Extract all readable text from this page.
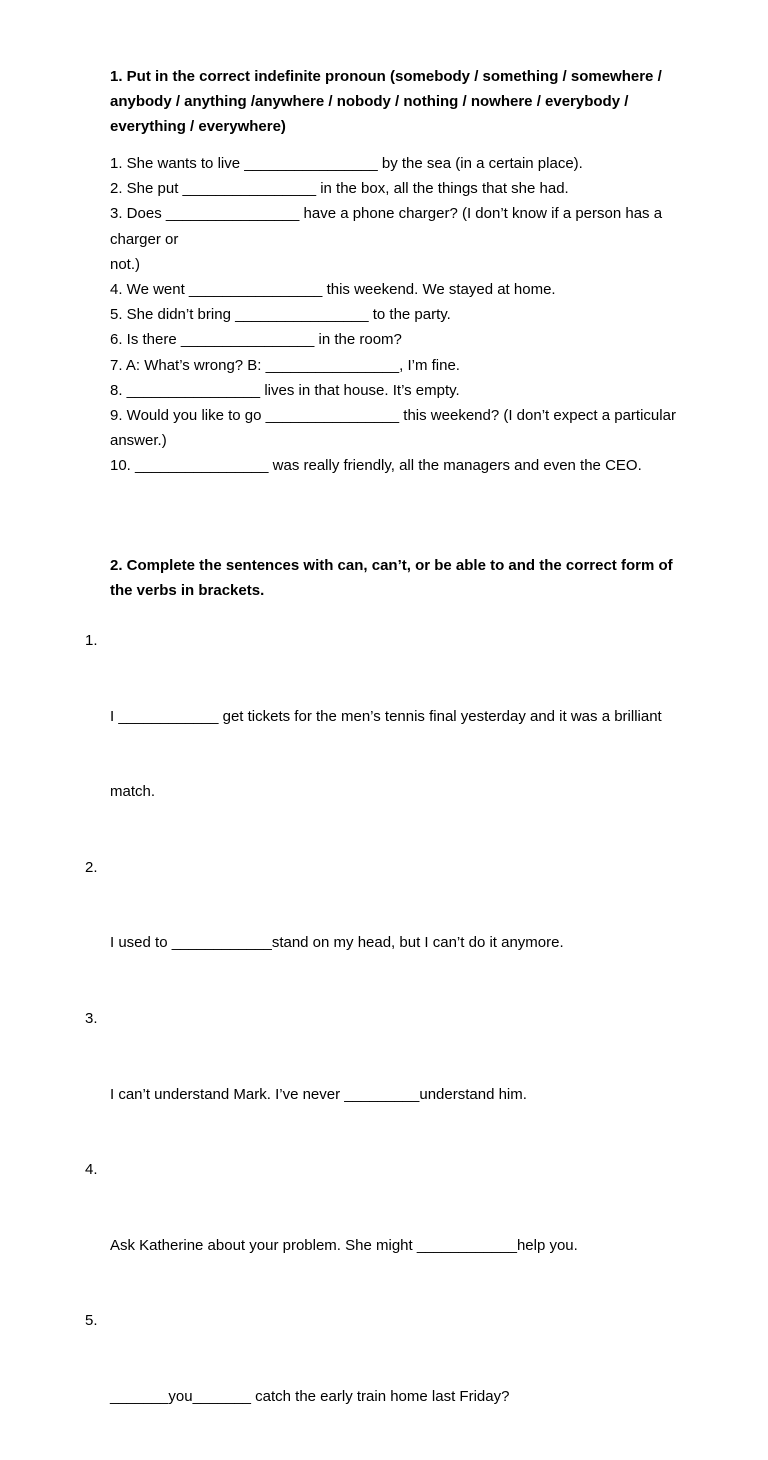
1. Put in the correct indefinite pronoun (somebody / something / somewhere /
anybody / anything /anywhere / nobody / nothing / nowhere / everybody /
everything / everywhere)
1. She wants to live ________________ by the sea (in a certain place).
2. She put ________________ in the box, all the things that she had.
3. Does ________________ have a phone charger? (I don’t know if a person has a
charger or
not.)
4. We went ________________ this weekend. We stayed at home.
5. She didn’t bring ________________ to the party.
6. Is there ________________ in the room?
7. A: What’s wrong? B: ________________, I’m fine.
8. ________________ lives in that house. It’s empty.
9. Would you like to go ________________ this weekend? (I don’t expect a particular
answer.)
10. ________________ was really friendly, all the managers and even the CEO.
2. Complete the sentences with can, can’t, or be able to and the correct form of
the verbs in brackets.

1.

I ____________ get tickets for the men’s tennis final yesterday and it was a brilliant

match.

2.

I used to ____________stand on my head, but I can’t do it anymore.

3.

I can’t understand Mark. I’ve never _________understand him.

4.

Ask Katherine about your problem. She might ____________help you.

5.

_______you_______ catch the early train home last Friday?
